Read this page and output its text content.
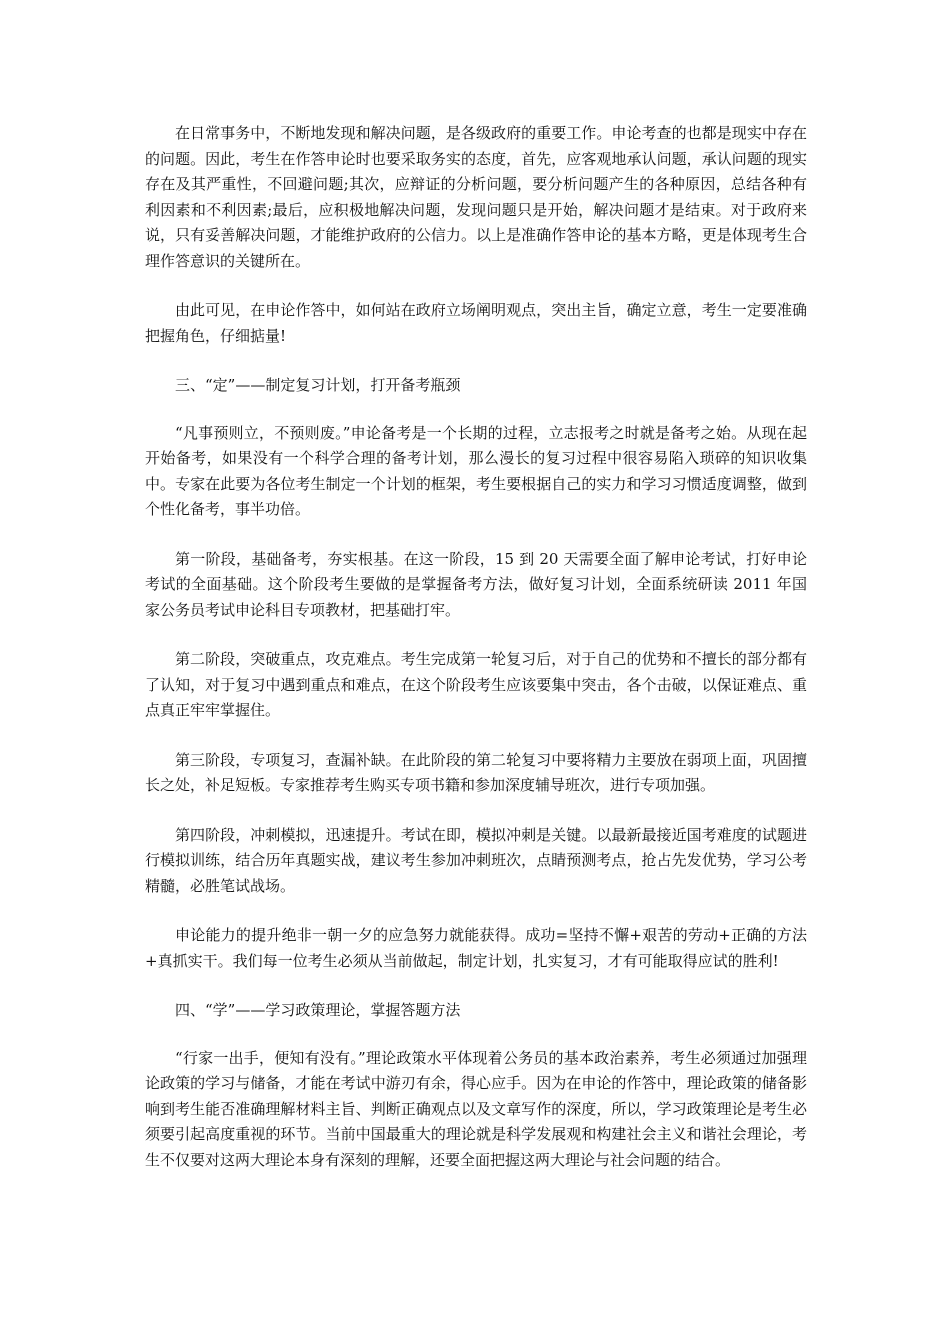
在日常事务中，不断地发现和解决问题，是各级政府的重要工作。申论考查的也都是现实中存在的问题。因此，考生在作答申论时也要采取务实的态度，首先，应客观地承认问题，承认问题的现实存在及其严重性，不回避问题;其次，应辩证的分析问题，要分析问题产生的各种原因，总结各种有利因素和不利因素;最后，应积极地解决问题，发现问题只是开始，解决问题才是结束。对于政府来说，只有妥善解决问题，才能维护政府的公信力。以上是准确作答申论的基本方略，更是体现考生合理作答意识的关键所在。

由此可见，在申论作答中，如何站在政府立场阐明观点，突出主旨，确定立意，考生一定要准确把握角色，仔细掂量!

三、“定”——制定复习计划，打开备考瓶颈

“凡事预则立，不预则废。”申论备考是一个长期的过程，立志报考之时就是备考之始。从现在起开始备考，如果没有一个科学合理的备考计划，那么漫长的复习过程中很容易陷入琐碎的知识收集中。专家在此要为各位考生制定一个计划的框架，考生要根据自己的实力和学习习惯适度调整，做到个性化备考，事半功倍。

第一阶段，基础备考，夯实根基。在这一阶段，15 到 20 天需要全面了解申论考试，打好申论考试的全面基础。这个阶段考生要做的是掌握备考方法，做好复习计划，全面系统研读 2011 年国家公务员考试申论科目专项教材，把基础打牢。

第二阶段，突破重点，攻克难点。考生完成第一轮复习后，对于自己的优势和不擅长的部分都有了认知，对于复习中遇到重点和难点，在这个阶段考生应该要集中突击，各个击破，以保证难点、重点真正牢牢掌握住。

第三阶段，专项复习，查漏补缺。在此阶段的第二轮复习中要将精力主要放在弱项上面，巩固擅长之处，补足短板。专家推荐考生购买专项书籍和参加深度辅导班次，进行专项加强。

第四阶段，冲刺模拟，迅速提升。考试在即，模拟冲刺是关键。以最新最接近国考难度的试题进行模拟训练，结合历年真题实战，建议考生参加冲刺班次，点睛预测考点，抢占先发优势，学习公考精髓，必胜笔试战场。

申论能力的提升绝非一朝一夕的应急努力就能获得。成功=坚持不懈+艰苦的劳动+正确的方法+真抓实干。我们每一位考生必须从当前做起，制定计划，扎实复习，才有可能取得应试的胜利!

四、“学”——学习政策理论，掌握答题方法

“行家一出手，便知有没有。”理论政策水平体现着公务员的基本政治素养，考生必须通过加强理论政策的学习与储备，才能在考试中游刃有余，得心应手。因为在申论的作答中，理论政策的储备影响到考生能否准确理解材料主旨、判断正确观点以及文章写作的深度，所以，学习政策理论是考生必须要引起高度重视的环节。当前中国最重大的理论就是科学发展观和构建社会主义和谐社会理论，考生不仅要对这两大理论本身有深刻的理解，还要全面把握这两大理论与社会问题的结合。
